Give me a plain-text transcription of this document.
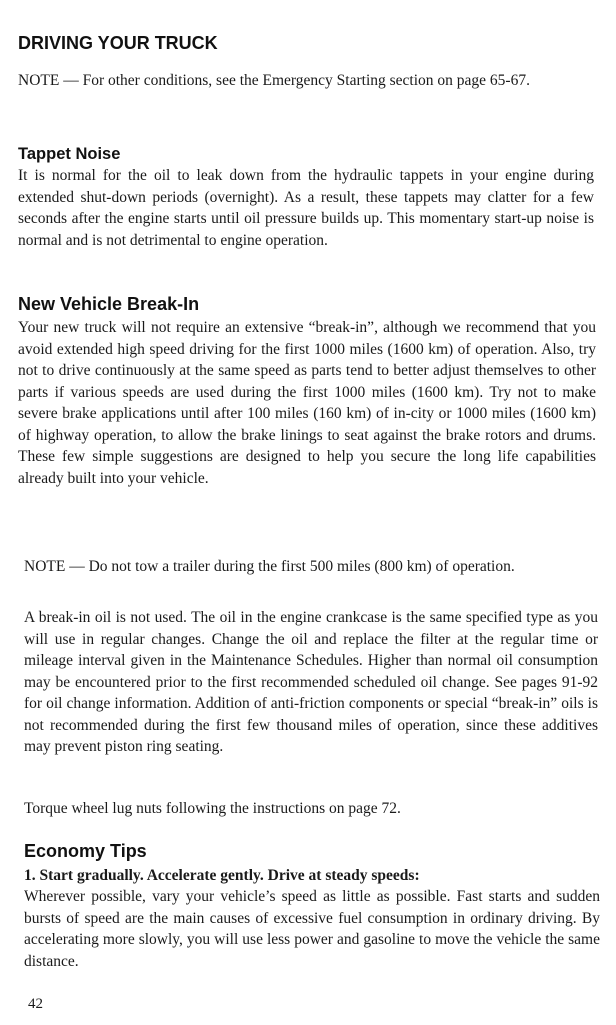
DRIVING YOUR TRUCK

NOTE — For other conditions, see the Emergency Starting section on page 65-67.

Tappet Noise

It is normal for the oil to leak down from the hydraulic tappets in your engine during extended shut-down periods (overnight). As a result, these tappets may clatter for a few seconds after the engine starts until oil pressure builds up. This momentary start-up noise is normal and is not detrimental to engine operation.

New Vehicle Break-In

Your new truck will not require an extensive “break-in”, although we recommend that you avoid extended high speed driving for the first 1000 miles (1600 km) of operation. Also, try not to drive continuously at the same speed as parts tend to better adjust themselves to other parts if various speeds are used during the first 1000 miles (1600 km). Try not to make severe brake applications until after 100 miles (160 km) of in-city or 1000 miles (1600 km) of highway operation, to allow the brake linings to seat against the brake rotors and drums. These few simple suggestions are designed to help you secure the long life capabilities already built into your vehicle.

NOTE — Do not tow a trailer during the first 500 miles (800 km) of operation.

A break-in oil is not used. The oil in the engine crankcase is the same specified type as you will use in regular changes. Change the oil and replace the filter at the regular time or mileage interval given in the Maintenance Schedules. Higher than normal oil consumption may be encountered prior to the first recommended scheduled oil change. See pages 91-92 for oil change information. Addition of anti-friction components or special “break-in” oils is not recommended during the first few thousand miles of operation, since these additives may prevent piston ring seating.

Torque wheel lug nuts following the instructions on page 72.

Economy Tips

1. Start gradually. Accelerate gently. Drive at steady speeds:

Wherever possible, vary your vehicle’s speed as little as possible. Fast starts and sudden bursts of speed are the main causes of excessive fuel consumption in ordinary driving. By accelerating more slowly, you will use less power and gasoline to move the vehicle the same distance.

42
